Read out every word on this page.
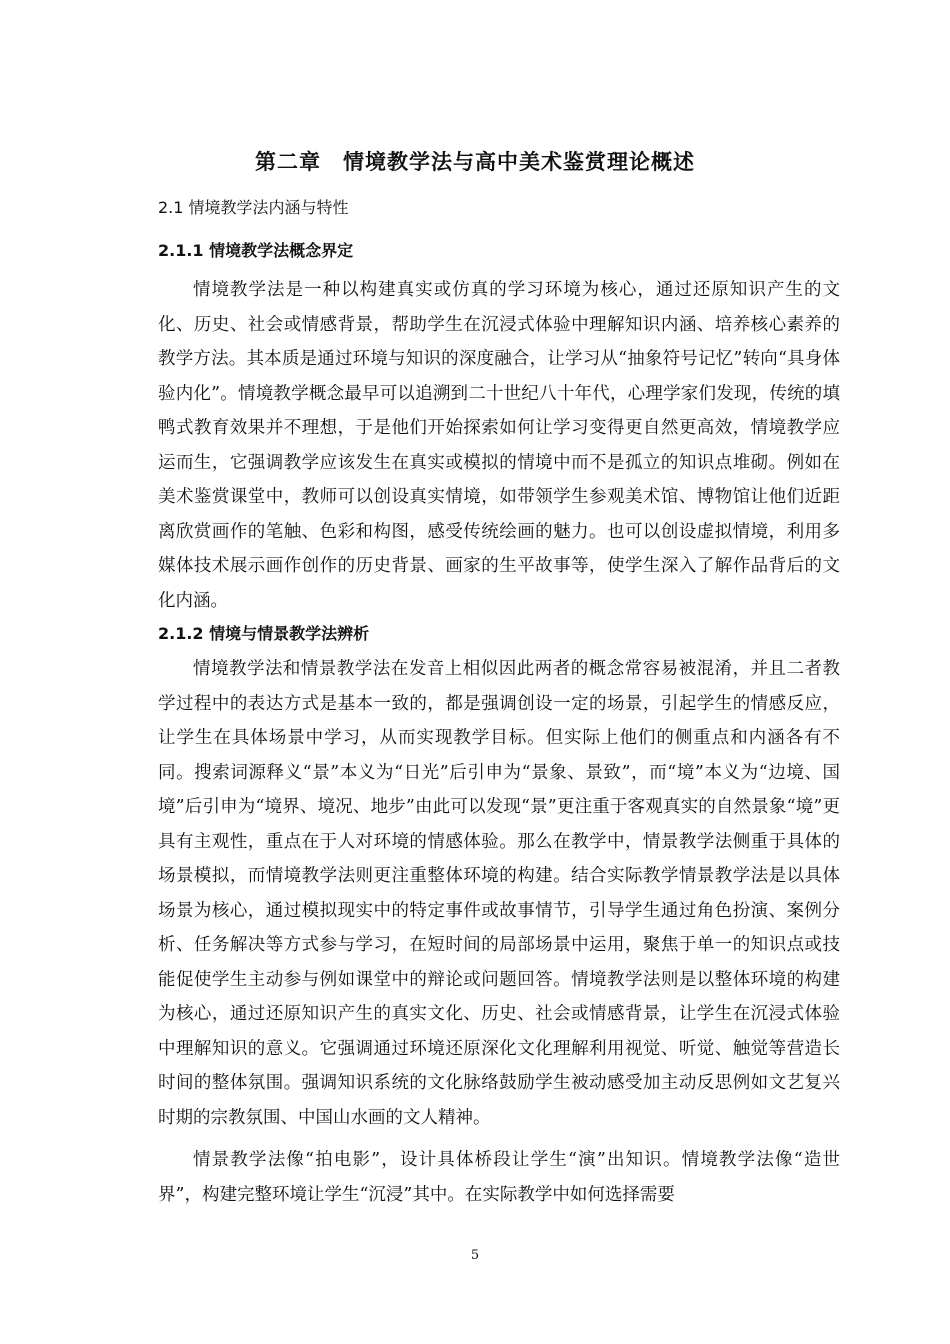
第二章　情境教学法与高中美术鉴赏理论概述

2.1 情境教学法内涵与特性

2.1.1 情境教学法概念界定

情境教学法是一种以构建真实或仿真的学习环境为核心，通过还原知识产生的文化、历史、社会或情感背景，帮助学生在沉浸式体验中理解知识内涵、培养核心素养的教学方法。其本质是通过环境与知识的深度融合，让学习从“抽象符号记忆”转向“具身体验内化”。情境教学概念最早可以追溯到二十世纪八十年代，心理学家们发现，传统的填鸭式教育效果并不理想，于是他们开始探索如何让学习变得更自然更高效，情境教学应运而生，它强调教学应该发生在真实或模拟的情境中而不是孤立的知识点堆砌。例如在美术鉴赏课堂中，教师可以创设真实情境，如带领学生参观美术馆、博物馆让他们近距离欣赏画作的笔触、色彩和构图，感受传统绘画的魅力。也可以创设虚拟情境，利用多媒体技术展示画作创作的历史背景、画家的生平故事等，使学生深入了解作品背后的文化内涵。

2.1.2 情境与情景教学法辨析

情境教学法和情景教学法在发音上相似因此两者的概念常容易被混淆，并且二者教学过程中的表达方式是基本一致的，都是强调创设一定的场景，引起学生的情感反应，让学生在具体场景中学习，从而实现教学目标。但实际上他们的侧重点和内涵各有不同。搜索词源释义“景”本义为“日光”后引申为“景象、景致”，而“境”本义为“边境、国境”后引申为“境界、境况、地步”由此可以发现“景”更注重于客观真实的自然景象“境”更具有主观性，重点在于人对环境的情感体验。那么在教学中，情景教学法侧重于具体的场景模拟，而情境教学法则更注重整体环境的构建。结合实际教学情景教学法是以具体场景为核心，通过模拟现实中的特定事件或故事情节，引导学生通过角色扮演、案例分析、任务解决等方式参与学习，在短时间的局部场景中运用，聚焦于单一的知识点或技能促使学生主动参与例如课堂中的辩论或问题回答。情境教学法则是以整体环境的构建为核心，通过还原知识产生的真实文化、历史、社会或情感背景，让学生在沉浸式体验中理解知识的意义。它强调通过环境还原深化文化理解利用视觉、听觉、触觉等营造长时间的整体氛围。强调知识系统的文化脉络鼓励学生被动感受加主动反思例如文艺复兴时期的宗教氛围、中国山水画的文人精神。

情景教学法像“拍电影”，设计具体桥段让学生“演”出知识。情境教学法像“造世界”，构建完整环境让学生“沉浸”其中。在实际教学中如何选择需要

5
